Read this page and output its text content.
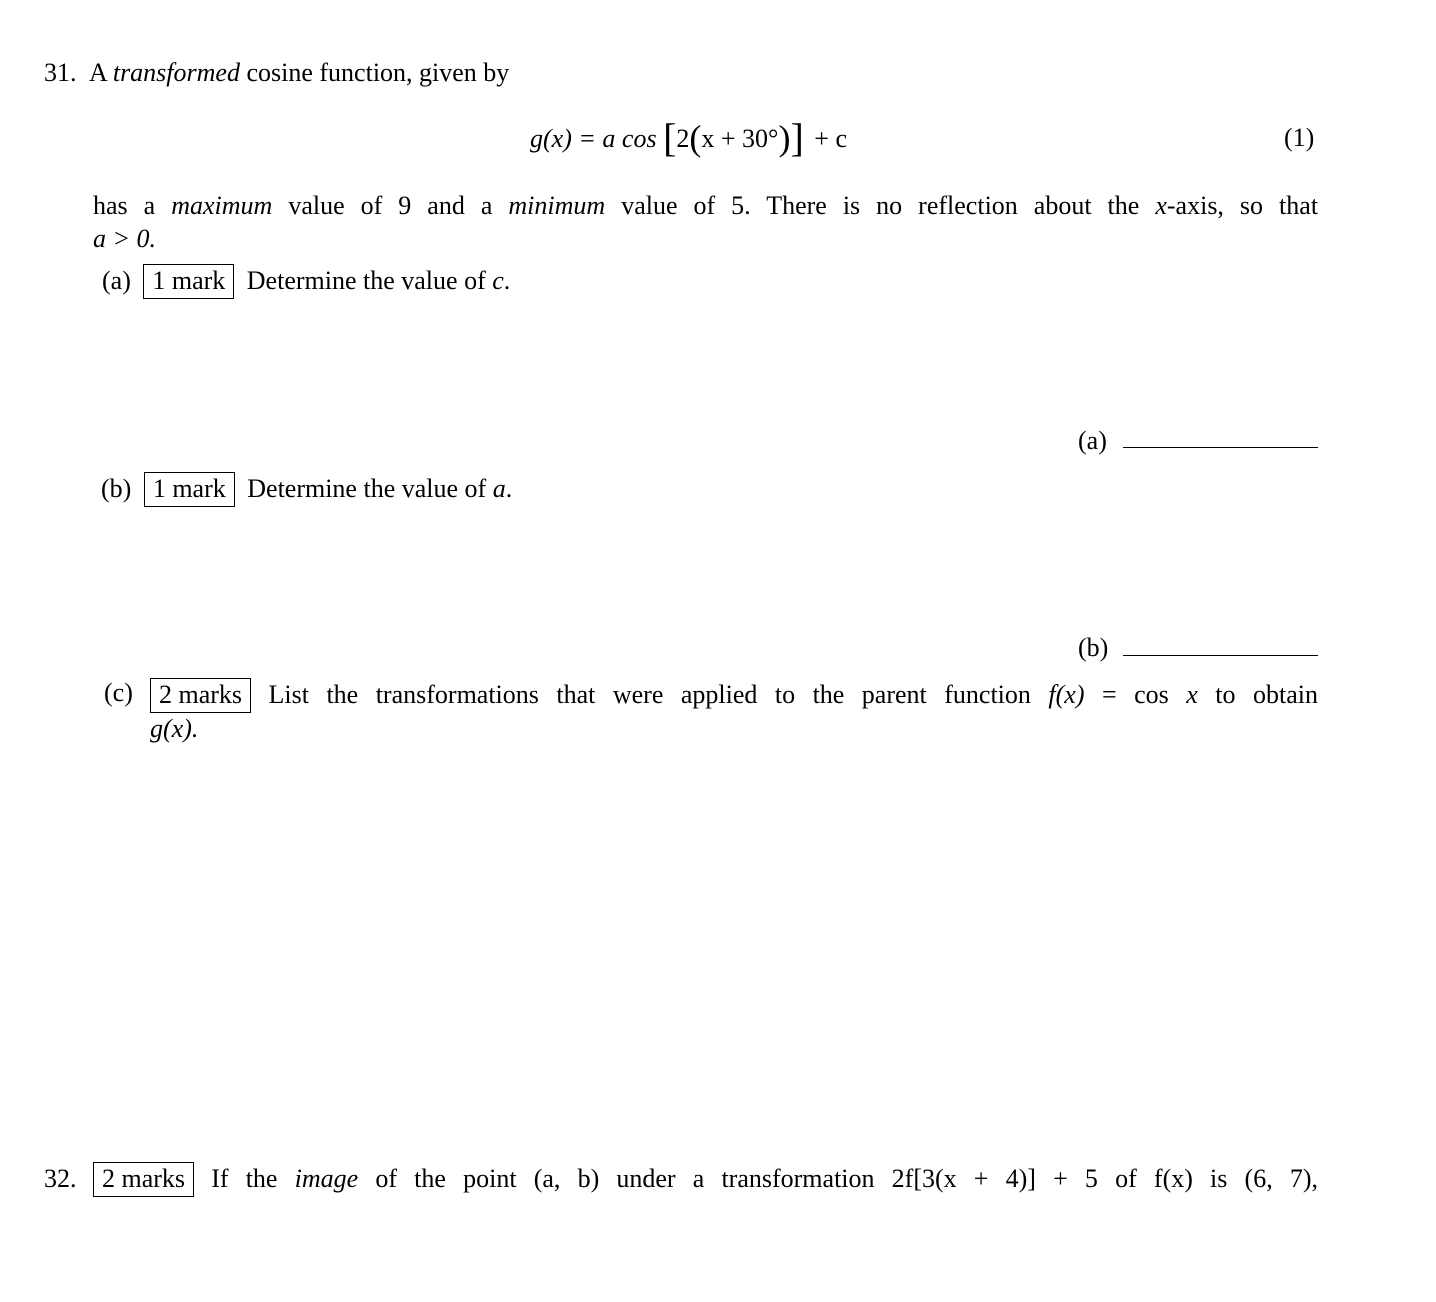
31. A transformed cosine function, given by
g(x) = a cos [2(x + 30°)] + c	(1)
has a maximum value of 9 and a minimum value of 5. There is no reflection about the x-axis, so that
a > 0.
(a) 1 mark Determine the value of c.
(a)
(b) 1 mark Determine the value of a.
(b)
(c)	2 marks List the transformations that were applied to the parent function f(x) = cos x to obtain
g(x).
32. 2 marks If the image of the point (a, b) under a transformation 2f[3(x + 4)] + 5 of f(x) is (6, 7),
